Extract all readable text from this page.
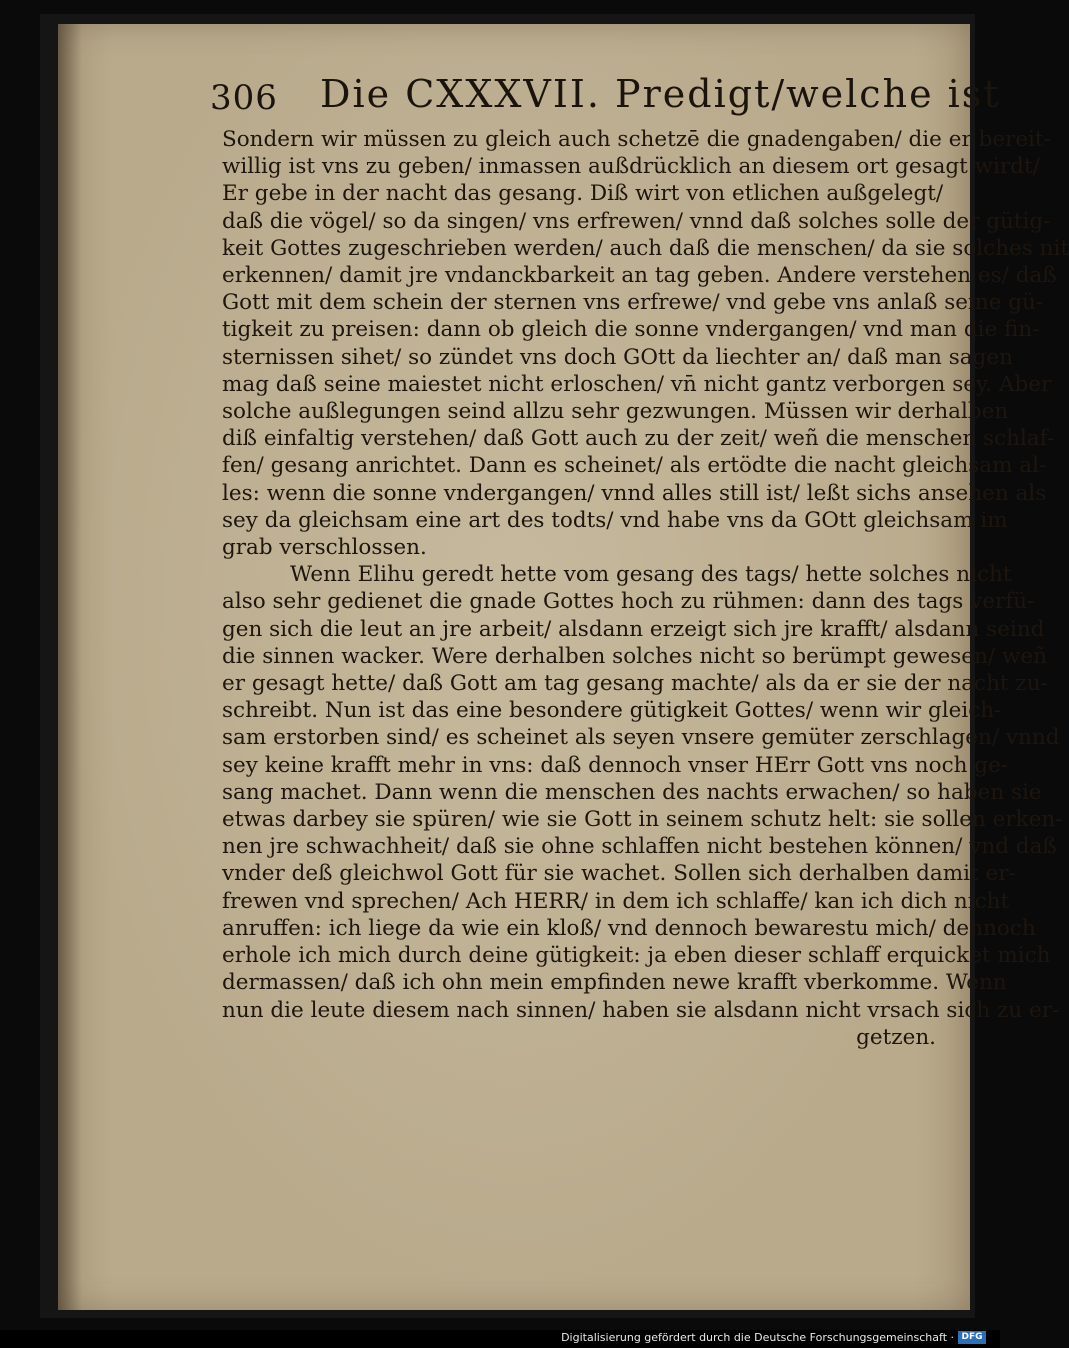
306 Die CXXXVII. Predigt/welche ist
Sondern wir müssen zu gleich auch schetzē die gnadengaben/ die er bereit-
willig ist vns zu geben/ inmassen außdrücklich an diesem ort gesagt wirdt/
Er gebe in der nacht das gesang. Diß wirt von etlichen außgelegt/
daß die vögel/ so da singen/ vns erfrewen/ vnnd daß solches solle der gütig-
keit Gottes zugeschrieben werden/ auch daß die menschen/ da sie solches nit
erkennen/ damit jre vndanckbarkeit an tag geben. Andere verstehen es/ daß
Gott mit dem schein der sternen vns erfrewe/ vnd gebe vns anlaß seine gü-
tigkeit zu preisen: dann ob gleich die sonne vndergangen/ vnd man die fin-
sternissen sihet/ so zündet vns doch GOtt da liechter an/ daß man sagen
mag daß seine maiestet nicht erloschen/ vn̄ nicht gantz verborgen sey. Aber
solche außlegungen seind allzu sehr gezwungen. Müssen wir derhalben
diß einfaltig verstehen/ daß Gott auch zu der zeit/ weñ die menschen schlaf-
fen/ gesang anrichtet. Dann es scheinet/ als ertödte die nacht gleichsam al-
les: wenn die sonne vndergangen/ vnnd alles still ist/ leßt sichs ansehen als
sey da gleichsam eine art des todts/ vnd habe vns da GOtt gleichsam im
grab verschlossen.
Wenn Elihu geredt hette vom gesang des tags/ hette solches nicht
also sehr gedienet die gnade Gottes hoch zu rühmen: dann des tags verfü-
gen sich die leut an jre arbeit/ alsdann erzeigt sich jre krafft/ alsdann seind
die sinnen wacker. Were derhalben solches nicht so berümpt gewesen/ weñ
er gesagt hette/ daß Gott am tag gesang machte/ als da er sie der nacht zu-
schreibt. Nun ist das eine besondere gütigkeit Gottes/ wenn wir gleich-
sam erstorben sind/ es scheinet als seyen vnsere gemüter zerschlagen/ vnnd
sey keine krafft mehr in vns: daß dennoch vnser HErr Gott vns noch ge-
sang machet. Dann wenn die menschen des nachts erwachen/ so haben sie
etwas darbey sie spüren/ wie sie Gott in seinem schutz helt: sie sollen erken-
nen jre schwachheit/ daß sie ohne schlaffen nicht bestehen können/ vnd daß
vnder deß gleichwol Gott für sie wachet. Sollen sich derhalben damit er-
frewen vnd sprechen/ Ach HERR/ in dem ich schlaffe/ kan ich dich nicht
anruffen: ich liege da wie ein kloß/ vnd dennoch bewarestu mich/ dennoch
erhole ich mich durch deine gütigkeit: ja eben dieser schlaff erquicket mich
dermassen/ daß ich ohn mein empfinden newe krafft vberkomme. Wenn
nun die leute diesem nach sinnen/ haben sie alsdann nicht vrsach sich zu er-
getzen.
Digitalisierung gefördert durch die Deutsche Forschungsgemeinschaft · DFG
